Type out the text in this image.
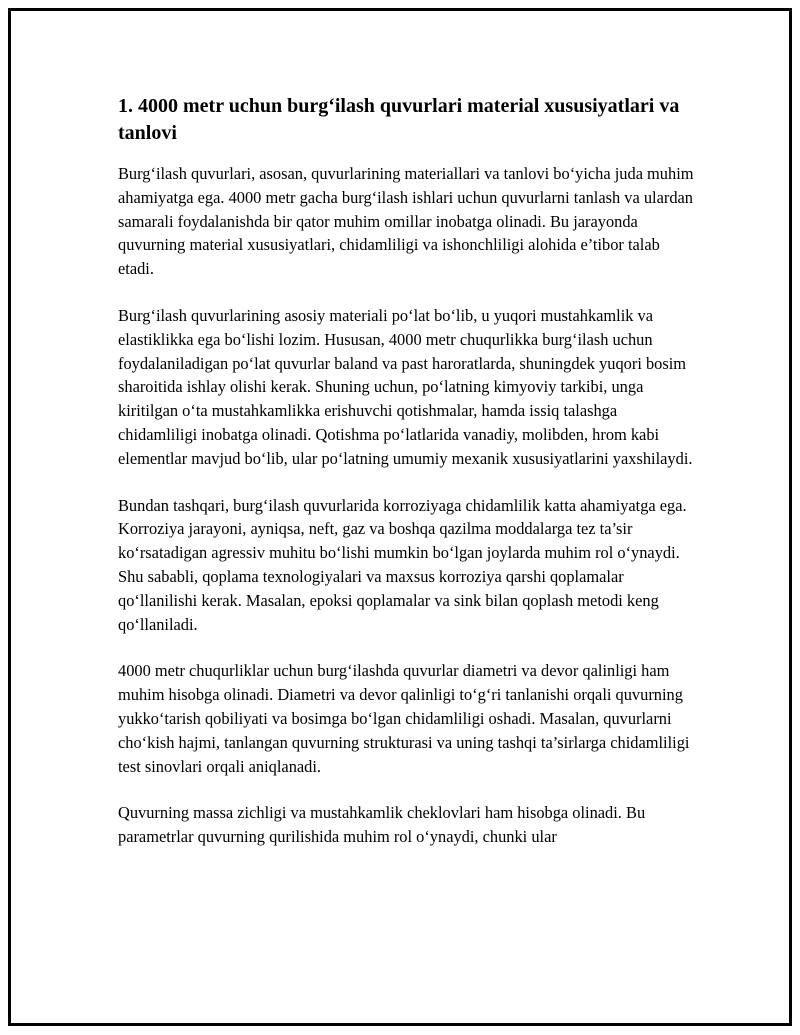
1. 4000 metr uchun burg‘ilash quvurlari material xususiyatlari va tanlovi

Burg‘ilash quvurlari, asosan, quvurlarining materiallari va tanlovi bo‘yicha juda muhim ahamiyatga ega. 4000 metr gacha burg‘ilash ishlari uchun quvurlarni tanlash va ulardan samarali foydalanishda bir qator muhim omillar inobatga olinadi. Bu jarayonda quvurning material xususiyatlari, chidamliligi va ishonchliligi alohida e’tibor talab etadi.

Burg‘ilash quvurlarining asosiy materiali po‘lat bo‘lib, u yuqori mustahkamlik va elastiklikka ega bo‘lishi lozim. Hususan, 4000 metr chuqurlikka burg‘ilash uchun foydalaniladigan po‘lat quvurlar baland va past haroratlarda, shuningdek yuqori bosim sharoitida ishlay olishi kerak. Shuning uchun, po‘latning kimyoviy tarkibi, unga kiritilgan o‘ta mustahkamlikka erishuvchi qotishmalar, hamda issiq talashga chidamliligi inobatga olinadi. Qotishma po‘latlarida vanadiy, molibden, hrom kabi elementlar mavjud bo‘lib, ular po‘latning umumiy mexanik xususiyatlarini yaxshilaydi.

Bundan tashqari, burg‘ilash quvurlarida korroziyaga chidamlilik katta ahamiyatga ega. Korroziya jarayoni, ayniqsa, neft, gaz va boshqa qazilma moddalarga tez ta’sir ko‘rsatadigan agressiv muhitu bo‘lishi mumkin bo‘lgan joylarda muhim rol o‘ynaydi. Shu sababli, qoplama texnologiyalari va maxsus korroziya qarshi qoplamalar qo‘llanilishi kerak. Masalan, epoksi qoplamalar va sink bilan qoplash metodi keng qo‘llaniladi.

4000 metr chuqurliklar uchun burg‘ilashda quvurlar diametri va devor qalinligi ham muhim hisobga olinadi. Diametri va devor qalinligi to‘g‘ri tanlanishi orqali quvurning yukko‘tarish qobiliyati va bosimga bo‘lgan chidamliligi oshadi. Masalan, quvurlarni cho‘kish hajmi, tanlangan quvurning strukturasi va uning tashqi ta’sirlarga chidamliligi test sinovlari orqali aniqlanadi.

Quvurning massa zichligi va mustahkamlik cheklovlari ham hisobga olinadi. Bu parametrlar quvurning qurilishida muhim rol o‘ynaydi, chunki ular
